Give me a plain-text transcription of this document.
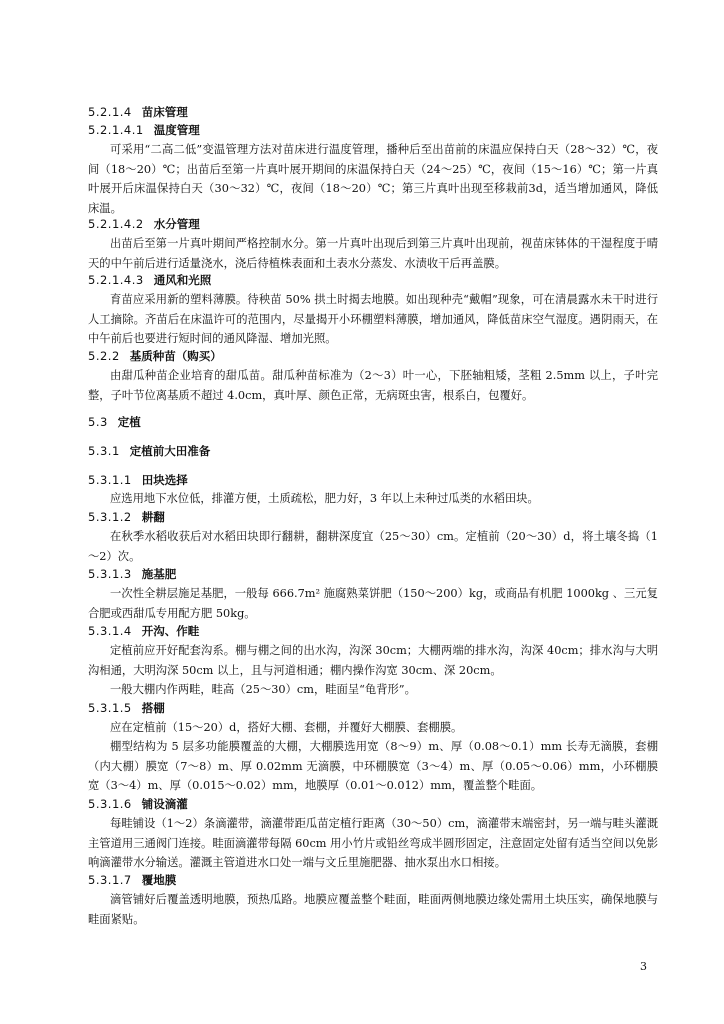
5.2.1.4 苗床管理
5.2.1.4.1 温度管理
可采用“二高二低”变温管理方法对苗床进行温度管理，播种后至出苗前的床温应保持白天（28～32）℃，夜间（18～20）℃；出苗后至第一片真叶展开期间的床温保持白天（24～25）℃，夜间（15～16）℃；第一片真叶展开后床温保持白天（30～32）℃，夜间（18～20）℃；第三片真叶出现至移栽前3d，适当增加通风，降低床温。
5.2.1.4.2 水分管理
出苗后至第一片真叶期间严格控制水分。第一片真叶出现后到第三片真叶出现前，视苗床钵体的干湿程度于晴天的中午前后进行适量浇水，浇后待植株表面和土表水分蒸发、水渍收干后再盖膜。
5.2.1.4.3 通风和光照
育苗应采用新的塑料薄膜。待秧苗 50% 拱土时揭去地膜。如出现种壳“戴帽”现象，可在清晨露水未干时进行人工摘除。齐苗后在床温许可的范围内，尽量揭开小环棚塑料薄膜，增加通风，降低苗床空气湿度。遇阴雨天，在中午前后也要进行短时间的通风降湿、增加光照。
5.2.2 基质种苗（购买）
由甜瓜种苗企业培育的甜瓜苗。甜瓜种苗标准为（2～3）叶一心，下胚轴粗矮，茎粗 2.5mm 以上，子叶完整，子叶节位离基质不超过 4.0cm，真叶厚、颜色正常，无病斑虫害，根系白，包覆好。
5.3 定植
5.3.1 定植前大田准备
5.3.1.1 田块选择
应选用地下水位低，排灌方便，土质疏松，肥力好，3 年以上未种过瓜类的水稻田块。
5.3.1.2 耕翻
在秋季水稻收获后对水稻田块即行翻耕，翻耕深度宜（25～30）cm。定植前（20～30）d，将土壤冬捣（1～2）次。
5.3.1.3 施基肥
一次性全耕层施足基肥，一般每 666.7m² 施腐熟菜饼肥（150～200）kg，或商品有机肥 1000kg 、三元复合肥或西甜瓜专用配方肥 50kg。
5.3.1.4 开沟、作畦
定植前应开好配套沟系。棚与棚之间的出水沟，沟深 30cm；大棚两端的排水沟，沟深 40cm；排水沟与大明沟相通，大明沟深 50cm 以上，且与河道相通；棚内操作沟宽 30cm、深 20cm。
一般大棚内作两畦，畦高（25～30）cm，畦面呈“龟背形”。
5.3.1.5 搭棚
应在定植前（15～20）d，搭好大棚、套棚，并覆好大棚膜、套棚膜。
棚型结构为 5 层多功能膜覆盖的大棚，大棚膜选用宽（8～9）m、厚（0.08～0.1）mm 长寿无滴膜，套棚（内大棚）膜宽（7～8）m、厚 0.02mm 无滴膜，中环棚膜宽（3～4）m、厚（0.05～0.06）mm，小环棚膜宽（3～4）m、厚（0.015～0.02）mm，地膜厚（0.01～0.012）mm，覆盖整个畦面。
5.3.1.6 铺设滴灌
每畦铺设（1～2）条滴灌带，滴灌带距瓜苗定植行距离（30～50）cm，滴灌带末端密封，另一端与畦头灌溉主管道用三通阀门连接。畦面滴灌带每隔 60cm 用小竹片或铅丝弯成半圆形固定，注意固定处留有适当空间以免影响滴灌带水分输送。灌溉主管道进水口处一端与文丘里施肥器、抽水泵出水口相接。
5.3.1.7 覆地膜
滴管铺好后覆盖透明地膜，预热瓜路。地膜应覆盖整个畦面，畦面两侧地膜边缘处需用土块压实，确保地膜与畦面紧贴。
3
